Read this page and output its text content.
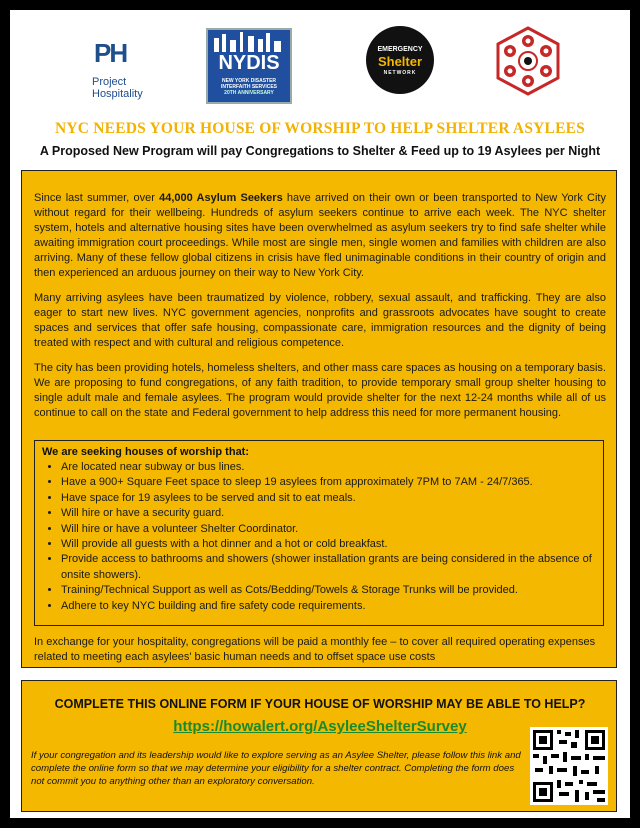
PH
Project
Hospitality
NYDIS
NEW YORK DISASTER
INTERFAITH SERVICES
20TH ANNIVERSARY
EMERGENCY
Shelter
NETWORK
NYC NEEDS YOUR HOUSE OF WORSHIP TO HELP SHELTER ASYLEES
A Proposed New Program will pay Congregations to Shelter & Feed up to 19 Asylees per Night

Since last summer, over 44,000 Asylum Seekers have arrived on their own or been transported to New York City without regard for their wellbeing. Hundreds of asylum seekers continue to arrive each week. The NYC shelter system, hotels and alternative housing sites have been overwhelmed as asylum seekers try to find safe shelter while awaiting immigration court proceedings. While most are single men, single women and families with children are also arriving. Many of these fellow global citizens in crisis have fled unimaginable conditions in their country of origin and then experienced an arduous journey on their way to New York City.

Many arriving asylees have been traumatized by violence, robbery, sexual assault, and trafficking. They are also eager to start new lives. NYC government agencies, nonprofits and grassroots advocates have sought to create spaces and services that offer safe housing, compassionate care, immigration resources and the dignity of being treated with respect and with cultural and religious competence.

The city has been providing hotels, homeless shelters, and other mass care spaces as housing on a temporary basis. We are proposing to fund congregations, of any faith tradition, to provide temporary small group shelter housing to single adult male and female asylees. The program would provide shelter for the next 12-24 months while all of us continue to call on the state and Federal government to help address this need for more permanent housing.

We are seeking houses of worship that:
• Are located near subway or bus lines.
• Have a 900+ Square Feet space to sleep 19 asylees from approximately 7PM to 7AM - 24/7/365.
• Have space for 19 asylees to be served and sit to eat meals.
• Will hire or have a security guard.
• Will hire or have a volunteer Shelter Coordinator.
• Will provide all guests with a hot dinner and a hot or cold breakfast.
• Provide access to bathrooms and showers (shower installation grants are being considered in the absence of onsite showers).
• Training/Technical Support as well as Cots/Bedding/Towels & Storage Trunks will be provided.
• Adhere to key NYC building and fire safety code requirements.

In exchange for your hospitality, congregations will be paid a monthly fee – to cover all required operating expenses related to meeting each asylees' basic human needs and to offset space use costs

COMPLETE THIS ONLINE FORM IF YOUR HOUSE OF WORSHIP MAY BE ABLE TO HELP?
https://howalert.org/AsyleeShelterSurvey

If your congregation and its leadership would like to explore serving as an Asylee Shelter, please follow this link and complete the online form so that we may determine your eligibility for a shelter contract. Completing the form does not commit you to anything other than an exploratory conversation.
